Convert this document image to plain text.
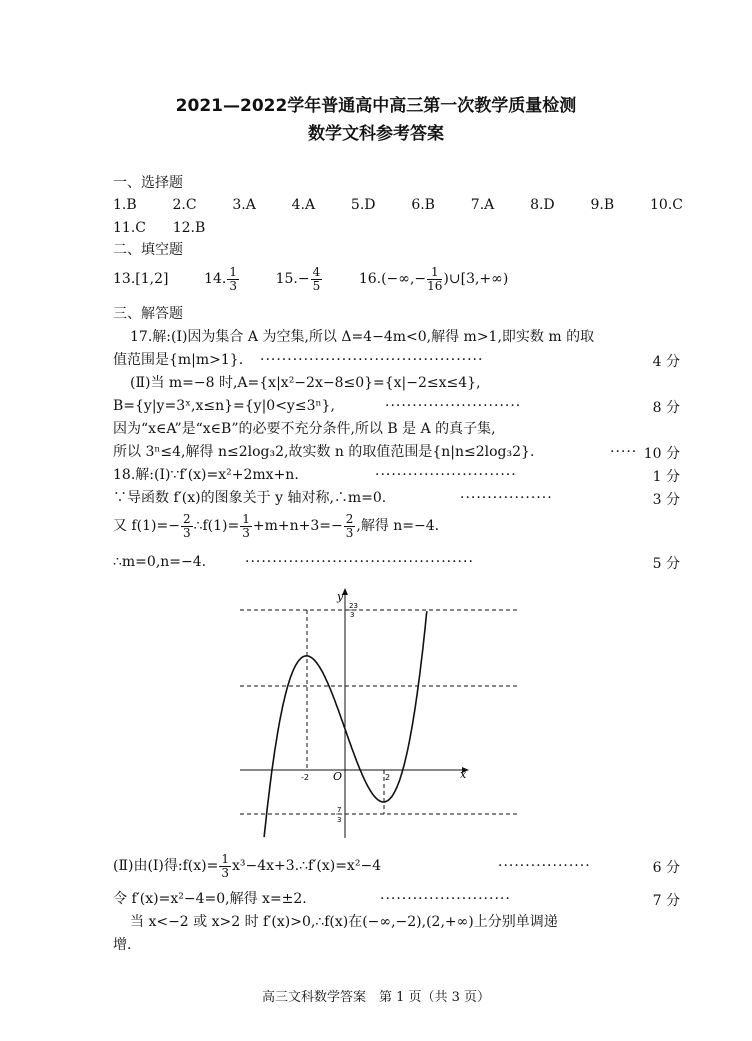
2021—2022学年普通高中高三第一次教学质量检测
数学文科参考答案
一、选择题
1.B	2.C	3.A	4.A	5.D	6.B	7.A	8.D	9.B	10.C
11.C 12.B
二、填空题
13.[1,2]	14. $\frac{1}{3}$	$15.- \frac{4}{5}$	$16.(-\infty,- \frac{1}{16}$ )∪[3,+∞)
三、解答题
17.解:(Ⅰ)因为集合 A 为空集,所以 Δ=4−4m<0,解得 m>1,即实数 m 的取
值范围是{m|m>1}. ·········································	4 分
(Ⅱ)当 m=−8 时,A={x|x²−2x−8≤0}={x|−2≤x≤4},
B={y|y=3ˣ,x≤n}={y|0<y≤3ⁿ},	·························	8 分
因为“x∈A”是“x∈B”的必要不充分条件,所以 B 是 A 的真子集,
所以 3ⁿ≤4,解得 n≤2log₃2,故实数 n 的取值范围是{n|n≤2log₃2}.	····· 10 分
18.解:(Ⅰ)∵f′(x)=x²+2mx+n.	··························	1 分
∵导函数 f′(x)的图象关于 y 轴对称,∴m=0.	·················	3 分
又 $f(1)=- \frac{2}{3}$ ∴f(1)= $\frac{1}{3} +m+n+3=- \frac{2}{3}$ ,解得 n=−4.
∴m=0,n=−4.	··········································	5 分
y
x
O
-2	2
23
3
7
3
(Ⅱ)由(Ⅰ)得:f(x)= $\frac{1}{3}$ x³−4x+3.∴f′(x)=x²−4	·················	6 分
令 f′(x)=x²−4=0,解得 x=±2.	························	7 分
当 x<−2 或 x>2 时 f′(x)>0,∴f(x)在(−∞,−2),(2,+∞)上分别单调递
增.
高三文科数学答案　第 1 页（共 3 页）
